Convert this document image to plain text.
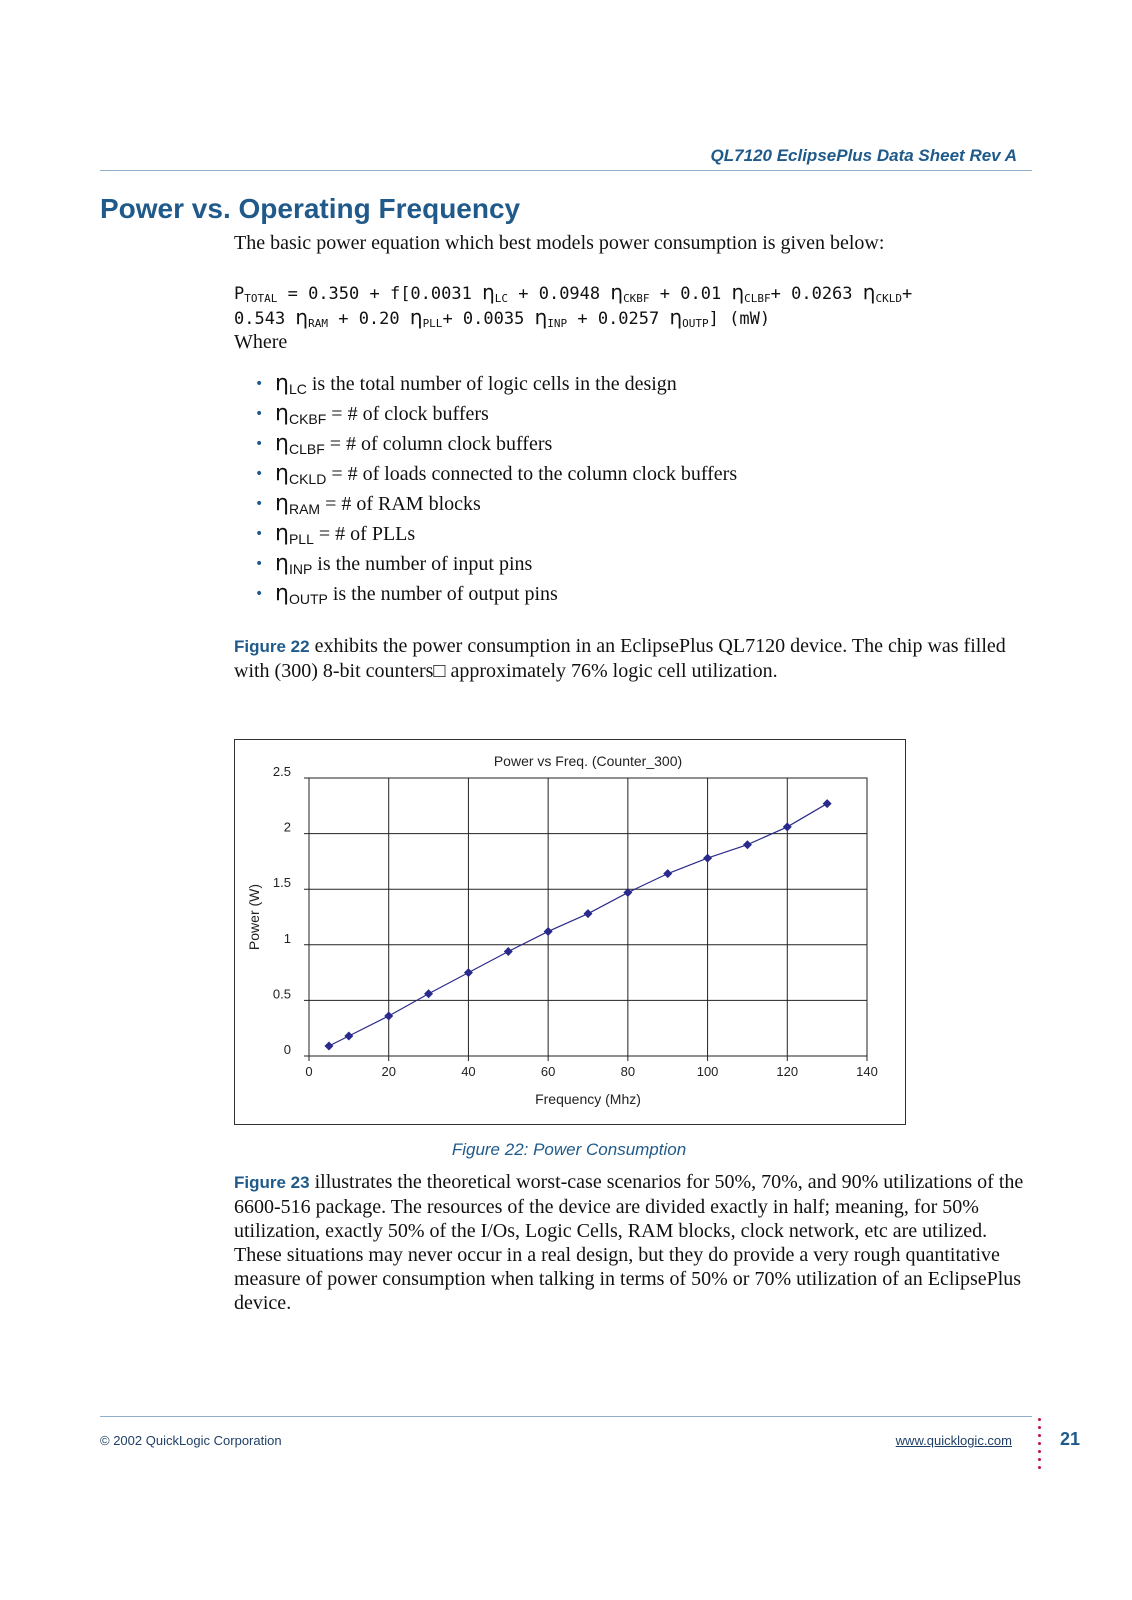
QL7120 EclipsePlus Data Sheet Rev A
Power vs. Operating Frequency
The basic power equation which best models power consumption is given below:
$P_{TOTAL} = 0.350 + f[0.0031$ $\eta_{LC} + 0.0948$ $\eta_{CKBF} + 0.01$ $\eta_{CLBF}+ 0.0263$ $\eta_{CKLD}+$
0.543 $\eta_{RAM} + 0.20$ $\eta_{PLL}+ 0.0035$ $\eta_{INP} + 0.0257$ $\eta_{OUTP}$] (mW)
Where
• $\eta_{LC}$ is the total number of logic cells in the design
• $\eta_{CKBF}$ = # of clock buffers
• $\eta_{CLBF}$ = # of column clock buffers
• $\eta_{CKLD}$ = # of loads connected to the column clock buffers
• $\eta_{RAM}$ = # of RAM blocks
• $\eta_{PLL}$ = # of PLLs
• $\eta_{INP}$ is the number of input pins
• $\eta_{OUTP}$ is the number of output pins
Figure 22 exhibits the power consumption in an EclipsePlus QL7120 device. The chip was filled with (300) 8-bit counters□ approximately 76% logic cell utilization.
0	20	40	60	80	100	120	140
0
0.5
1
1.5
2
2.5
Power vs Freq. (Counter_300)
Frequency (Mhz)
Power (W)
Figure 22: Power Consumption
Figure 23 illustrates the theoretical worst-case scenarios for 50%, 70%, and 90% utilizations of the 6600-516 package. The resources of the device are divided exactly in half; meaning, for 50% utilization, exactly 50% of the I/Os, Logic Cells, RAM blocks, clock network, etc are utilized. These situations may never occur in a real design, but they do provide a very rough quantitative measure of power consumption when talking in terms of 50% or 70% utilization of an EclipsePlus device.
© 2002 QuickLogic Corporation	www.quicklogic.com	21
